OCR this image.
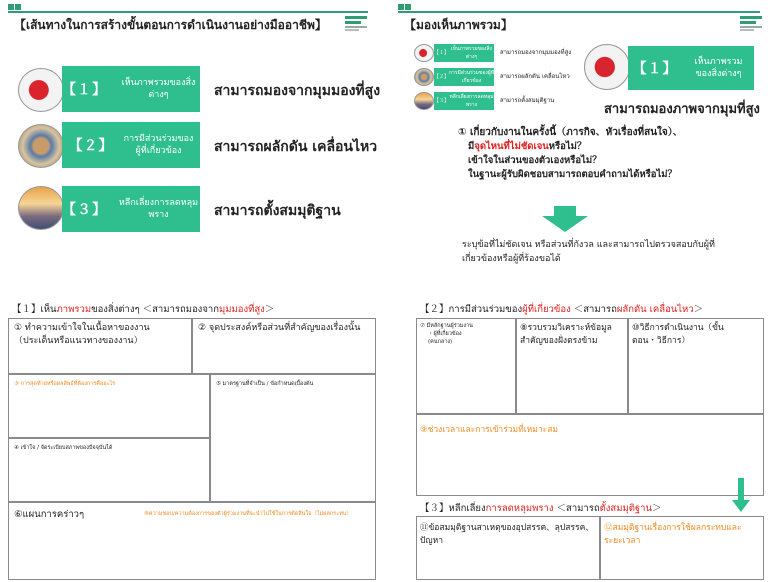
【เส้นทางในการสร้างขั้นตอนการดำเนินงานอย่างมืออาชีพ】
【１】	เห็นภาพรวมของสิ่งต่างๆ	สามารถมองจากมุมมองที่สูง
【２】 การมีส่วนร่วมของผู้ที่เกี่ยวข้อง	สามารถผลักดัน เคลื่อนไหว
【３】 หลีกเลี่ยงการลดหลุมพราง	สามารถตั้งสมมุติฐาน
【มองเห็นภาพรวม】
【１】
เห็นภาพรวมของสิ่งต่างๆ
สามารถมองจากมุมมองที่สูง
【２】
การมีส่วนร่วมของผู้ที่เกี่ยวข้อง
สามารถผลักดัน เคลื่อนไหว
【３】
หลีกเลี่ยงการลดหลุมพราง
สามารถตั้งสมมุติฐาน
【１】	เห็นภาพรวมของสิ่งต่างๆ
สามารถมองภาพจากมุมที่สูง
① เกี่ยวกับงานในครั้งนี้（ภารกิจ、หัวเรื่องที่สนใจ）、
มีจุดไหนที่ไม่ชัดเจนหรือไม่？
เข้าใจในส่วนของตัวเองหรือไม่？
ในฐานะผู้รับผิดชอบสามารถตอบคำถามได้หรือไม่？
ระบุข้อที่ไม่ชัดเจน หรือส่วนที่กังวล และสามารถไปตรวจสอบกับผู้ที่เกี่ยวข้องหรือผู้ที่ร้องขอได้
【１】เห็นภาพรวมของสิ่งต่างๆ ＜สามารถมองจากมุมมองที่สูง＞
① ทำความเข้าใจในเนื้อหาของงาน（ประเด็นหรือแนวทางของงาน）
② จุดประสงค์หรือส่วนที่สำคัญของเรื่องนั้น
③ การสุดท้ายหรือผลลัพธ์ที่ต้องการคืออะไร	⑤ มาตรฐานที่จำเป็น / ข้อกำหนดเบื้องต้น
④ เข้าใจ / จัดระเบียบสภาพของปัจจุบันได้
⑥แผนการคร่าวๆ	⑧ความชอบ/ความต้องการของตัวผู้ร่วมงานที่จะนำไปใช้ในการตัดสินใจ（ไม่ผลกระทบ）
【２】การมีส่วนร่วมของผู้ที่เกี่ยวข้อง ＜สามารถผลักดัน เคลื่อนไหว＞
⑦ มีหลักฐานผู้ร่วมงาน
・ผู้ที่เกี่ยวข้อง
(คนกลาง)
⑧รวบรวมวิเคราะห์ข้อมูลสำคัญของฝั่งตรงข้าม
⑩วิธีการดำเนินงาน（ขั้นตอน・วิธีการ）
⑨ช่วงเวลาและการเข้าร่วมที่เหมาะสม
【３】หลีกเลี่ยงการลดหลุมพราง ＜สามารถตั้งสมมุติฐาน＞
⑪ข้อสมมุติฐานสาเหตุของอุปสรรค、ลุปสรรค、ปัญหา
⑫สมมุติฐานเรื่องการใช้ผลกระทบและระยะเวลา
